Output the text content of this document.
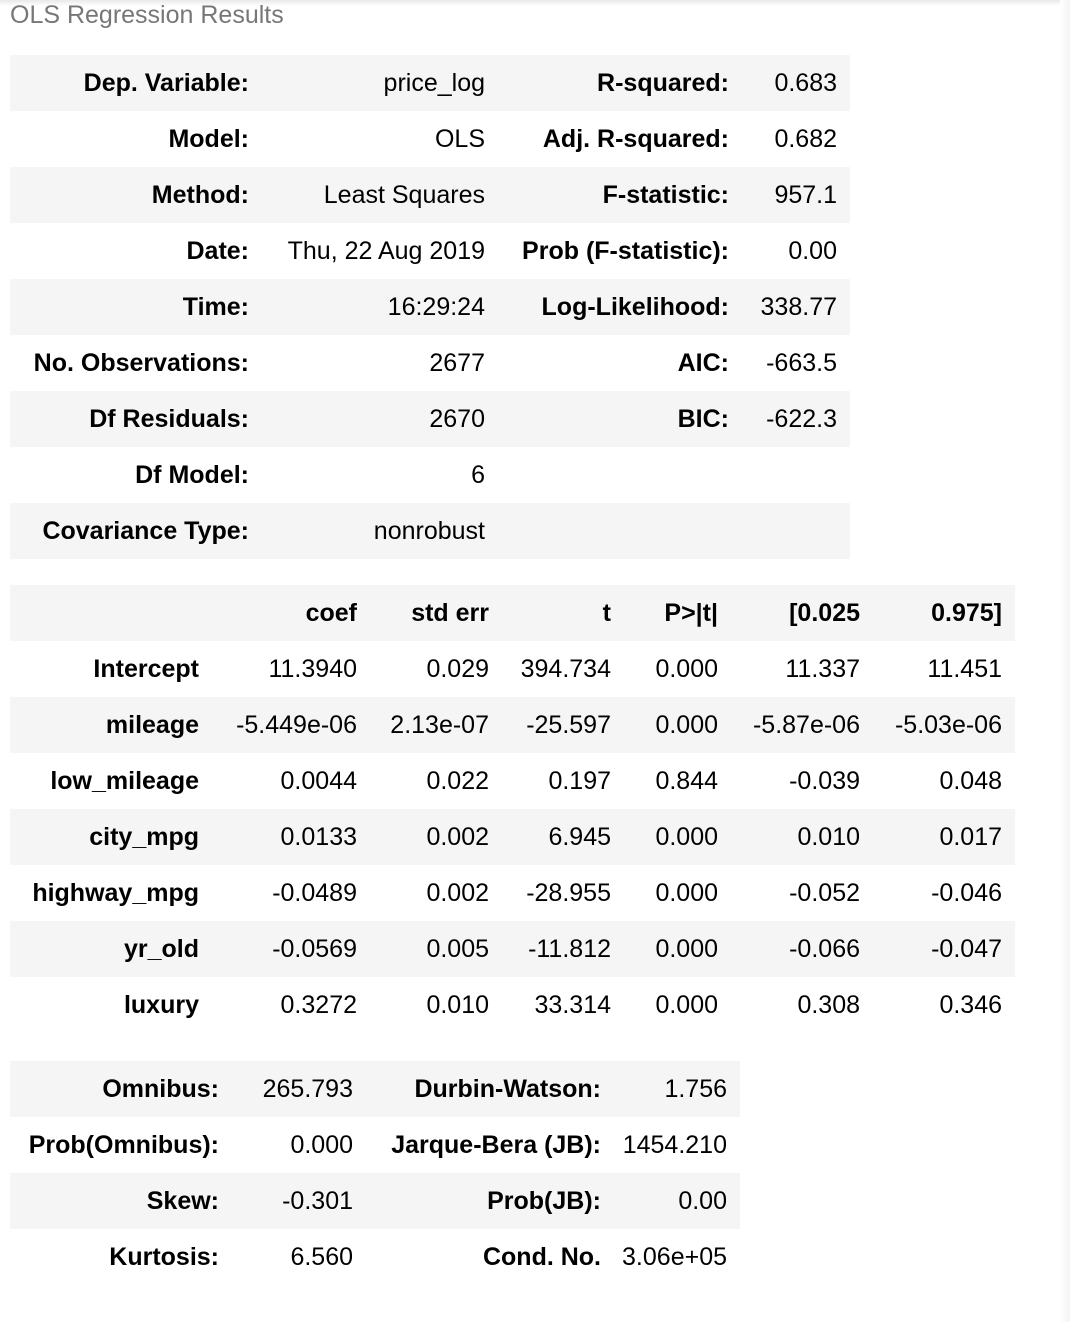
OLS Regression Results
Dep. Variable:	price_log	R-squared:	0.683
Model:	OLS	Adj. R-squared:	0.682
Method:	Least Squares	F-statistic:	957.1
Date:	Thu, 22 Aug 2019	Prob (F-statistic):	0.00
Time:	16:29:24	Log-Likelihood:	338.77
No. Observations:	2677	AIC:	-663.5
Df Residuals:	2670	BIC:	-622.3
Df Model:	6		
Covariance Type:	nonrobust		
	coef	std err	t	P>|t|	[0.025	0.975]
Intercept	11.3940	0.029	394.734	0.000	11.337	11.451
mileage	-5.449e-06	2.13e-07	-25.597	0.000	-5.87e-06	-5.03e-06
low_mileage	0.0044	0.022	0.197	0.844	-0.039	0.048
city_mpg	0.0133	0.002	6.945	0.000	0.010	0.017
highway_mpg	-0.0489	0.002	-28.955	0.000	-0.052	-0.046
yr_old	-0.0569	0.005	-11.812	0.000	-0.066	-0.047
luxury	0.3272	0.010	33.314	0.000	0.308	0.346
Omnibus:	265.793	Durbin-Watson:	1.756
Prob(Omnibus):	0.000	Jarque-Bera (JB):	1454.210
Skew:	-0.301	Prob(JB):	0.00
Kurtosis:	6.560	Cond. No.	3.06e+05
